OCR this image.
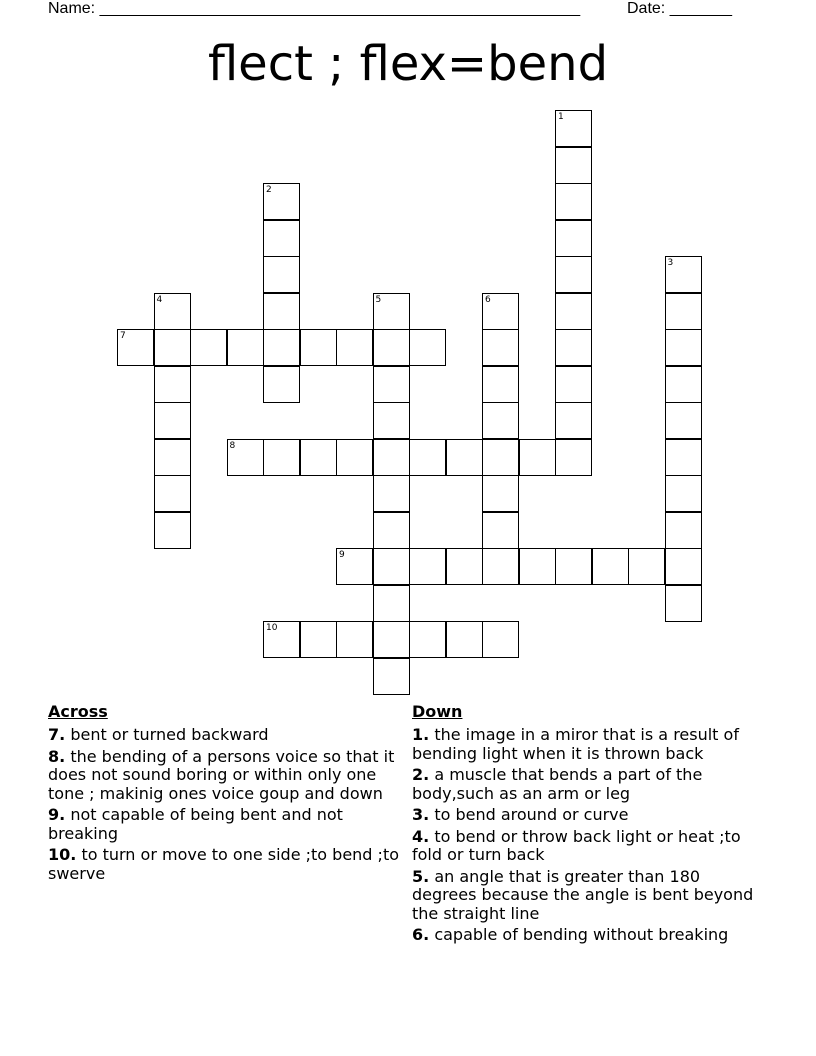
Name: ______________________________________________________	Date: _______
flect ; flex=bend
1
2
3
4	5	6
7
8
9
10
Across
7. bent or turned backward
8. the bending of a persons voice so that it does not sound boring or within only one tone ; makinig ones voice goup and down
9. not capable of being bent and not breaking
10. to turn or move to one side ;to bend ;to swerve
Down
1. the image in a miror that is a result of bending light when it is thrown back
2. a muscle that bends a part of the body,such as an arm or leg
3. to bend around or curve
4. to bend or throw back light or heat ;to fold or turn back
5. an angle that is greater than 180 degrees because the angle is bent beyond the straight line
6. capable of bending without breaking
